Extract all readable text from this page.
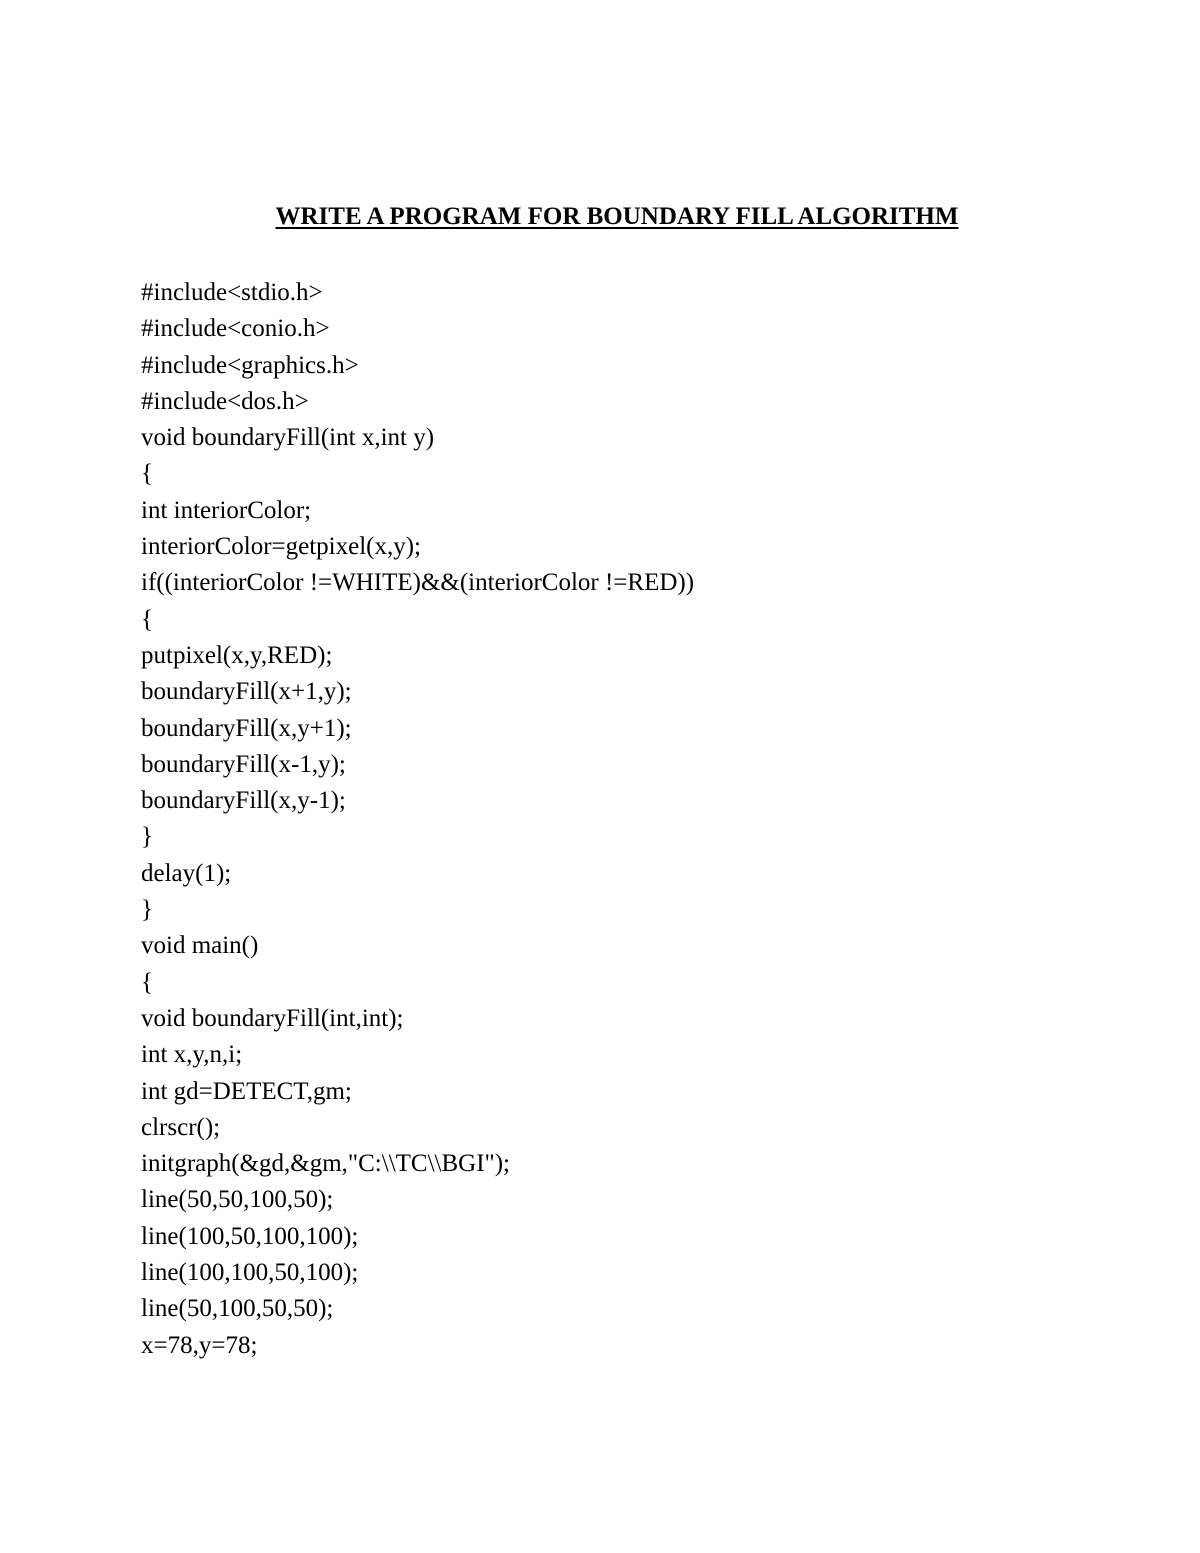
WRITE A PROGRAM FOR BOUNDARY FILL ALGORITHM
#include<stdio.h>
#include<conio.h>
#include<graphics.h>
#include<dos.h>
void boundaryFill(int x,int y)
{
int interiorColor;
interiorColor=getpixel(x,y);
if((interiorColor !=WHITE)&&(interiorColor !=RED))
{
putpixel(x,y,RED);
boundaryFill(x+1,y);
boundaryFill(x,y+1);
boundaryFill(x-1,y);
boundaryFill(x,y-1);
}
delay(1);
}
void main()
{
void boundaryFill(int,int);
int x,y,n,i;
int gd=DETECT,gm;
clrscr();
initgraph(&gd,&gm,"C:\\TC\\BGI");
line(50,50,100,50);
line(100,50,100,100);
line(100,100,50,100);
line(50,100,50,50);
x=78,y=78;
